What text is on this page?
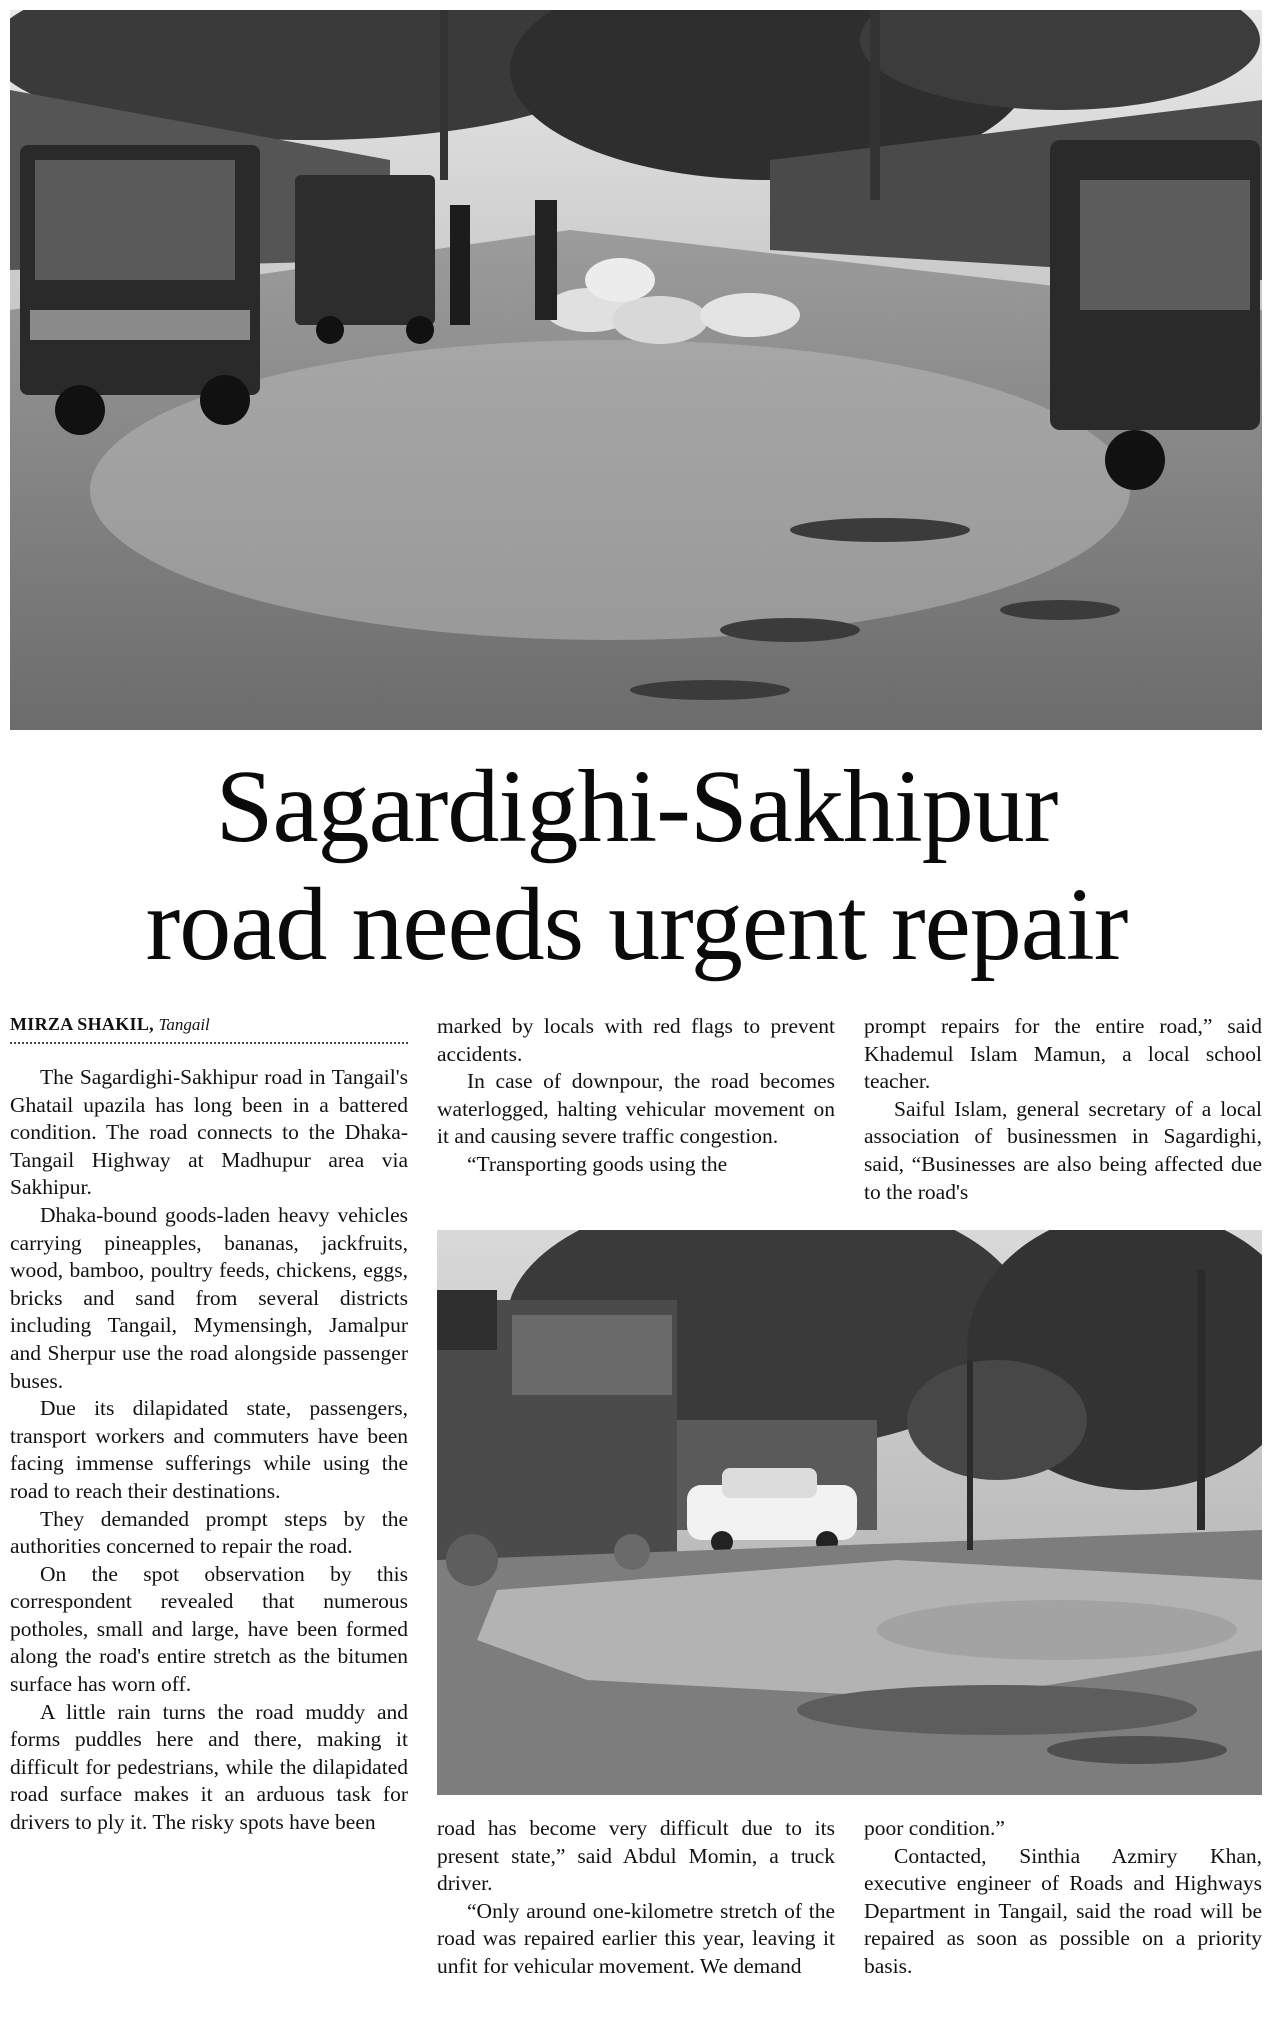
Sagardighi-Sakhipur
road needs urgent repair
MIRZA SHAKIL, Tangail

The Sagardighi-Sakhipur road in Tangail's Ghatail upazila has long been in a battered condition. The road connects to the Dhaka-Tangail Highway at Madhupur area via Sakhipur.

Dhaka-bound goods-laden heavy vehicles carrying pineapples, bananas, jackfruits, wood, bamboo, poultry feeds, chickens, eggs, bricks and sand from several districts including Tangail, Mymensingh, Jamalpur and Sherpur use the road alongside passenger buses.

Due its dilapidated state, passengers, transport workers and commuters have been facing immense sufferings while using the road to reach their destinations.

They demanded prompt steps by the authorities concerned to repair the road.

On the spot observation by this correspondent revealed that numerous potholes, small and large, have been formed along the road's entire stretch as the bitumen surface has worn off.

A little rain turns the road muddy and forms puddles here and there, making it difficult for pedestrians, while the dilapidated road surface makes it an arduous task for drivers to ply it. The risky spots have been

marked by locals with red flags to prevent accidents.

In case of downpour, the road becomes waterlogged, halting vehicular movement on it and causing severe traffic congestion.

“Transporting goods using the

prompt repairs for the entire road,” said Khademul Islam Mamun, a local school teacher.

Saiful Islam, general secretary of a local association of businessmen in Sagardighi, said, “Businesses are also being affected due to the road's

road has become very difficult due to its present state,” said Abdul Momin, a truck driver.

“Only around one-kilometre stretch of the road was repaired earlier this year, leaving it unfit for vehicular movement. We demand

poor condition.”

Contacted, Sinthia Azmiry Khan, executive engineer of Roads and Highways Department in Tangail, said the road will be repaired as soon as possible on a priority basis.
